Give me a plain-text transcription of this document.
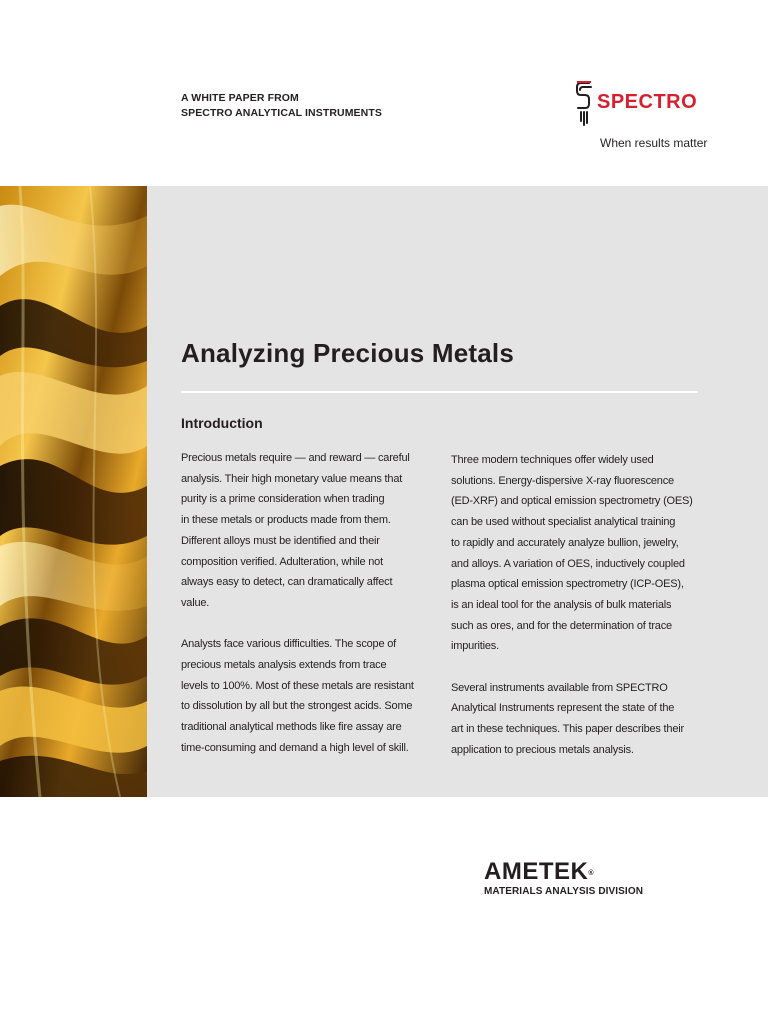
A WHITE PAPER FROM
SPECTRO ANALYTICAL INSTRUMENTS	SPECTRO
When results matter
Analyzing Precious Metals
Introduction
Precious metals require — and reward — careful
analysis. Their high monetary value means that
purity is a prime consideration when trading
in these metals or products made from them.
Different alloys must be identified and their
composition verified. Adulteration, while not
always easy to detect, can dramatically affect
value.
Analysts face various difficulties. The scope of
precious metals analysis extends from trace
levels to 100%. Most of these metals are resistant
to dissolution by all but the strongest acids. Some
traditional analytical methods like fire assay are
time-consuming and demand a high level of skill.
Three modern techniques offer widely used
solutions. Energy-dispersive X-ray fluorescence
(ED-XRF) and optical emission spectrometry (OES)
can be used without specialist analytical training
to rapidly and accurately analyze bullion, jewelry,
and alloys. A variation of OES, inductively coupled
plasma optical emission spectrometry (ICP-OES),
is an ideal tool for the analysis of bulk materials
such as ores, and for the determination of trace
impurities.
Several instruments available from SPECTRO
Analytical Instruments represent the state of the
art in these techniques. This paper describes their
application to precious metals analysis.
AMETEK®
MATERIALS ANALYSIS DIVISION
